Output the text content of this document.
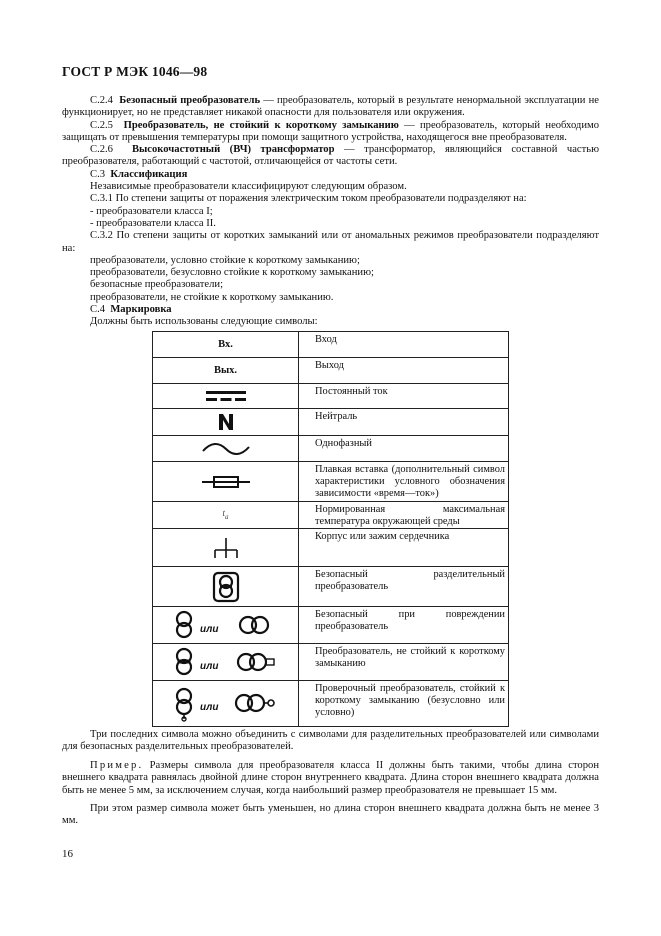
ГОСТ Р МЭК 1046—98

С.2.4 Безопасный преобразователь — преобразователь, который в результате ненормальной эксплуатации не функционирует, но не представляет никакой опасности для пользователя или окружения.

С.2.5 Преобразователь, не стойкий к короткому замыканию — преобразователь, который необходимо защищать от превышения температуры при помощи защитного устройства, находящегося вне преобразователя.

С.2.6 Высокочастотный (ВЧ) трансформатор — трансформатор, являющийся составной частью преобразователя, работающий с частотой, отличающейся от частоты сети.

С.3 Классификация

Независимые преобразователи классифицируют следующим образом.

С.3.1 По степени защиты от поражения электрическим током преобразователи подразделяют на:

- преобразователи класса I;

- преобразователи класса II.

С.3.2 По степени защиты от коротких замыканий или от аномальных режимов преобразователи подразделяют на:

преобразователи, условно стойкие к короткому замыканию;

преобразователи, безусловно стойкие к короткому замыканию;

безопасные преобразователи;

преобразователи, не стойкие к короткому замыканию.

С.4 Маркировка

Должны быть использованы следующие символы:

Вх.	Вход
Вых.	Выход

	Постоянный ток

	Нейтраль

	Однофазный

	Плавкая вставка (дополнительный символ характеристики условного обозначения зависимости «время—ток»)
$t_a$	Нормированная максимальная температура окружающей среды

	Корпус или зажим сердечника

	Безопасный разделительный преобразователь

или	Безопасный при повреждении преобразователь

или	Преобразователь, не стойкий к короткому замыканию

или	Проверочный преобразователь, стойкий к короткому замыканию (безусловно или условно)

Три последних символа можно объединить с символами для разделительных преобразователей или символами для безопасных разделительных преобразователей.

Пример. Размеры символа для преобразователя класса II должны быть такими, чтобы длина сторон внешнего квадрата равнялась двойной длине сторон внутреннего квадрата. Длина сторон внешнего квадрата должна быть не менее 5 мм, за исключением случая, когда наибольший размер преобразователя не превышает 15 мм.

При этом размер символа может быть уменьшен, но длина сторон внешнего квадрата должна быть не менее 3 мм.

16
